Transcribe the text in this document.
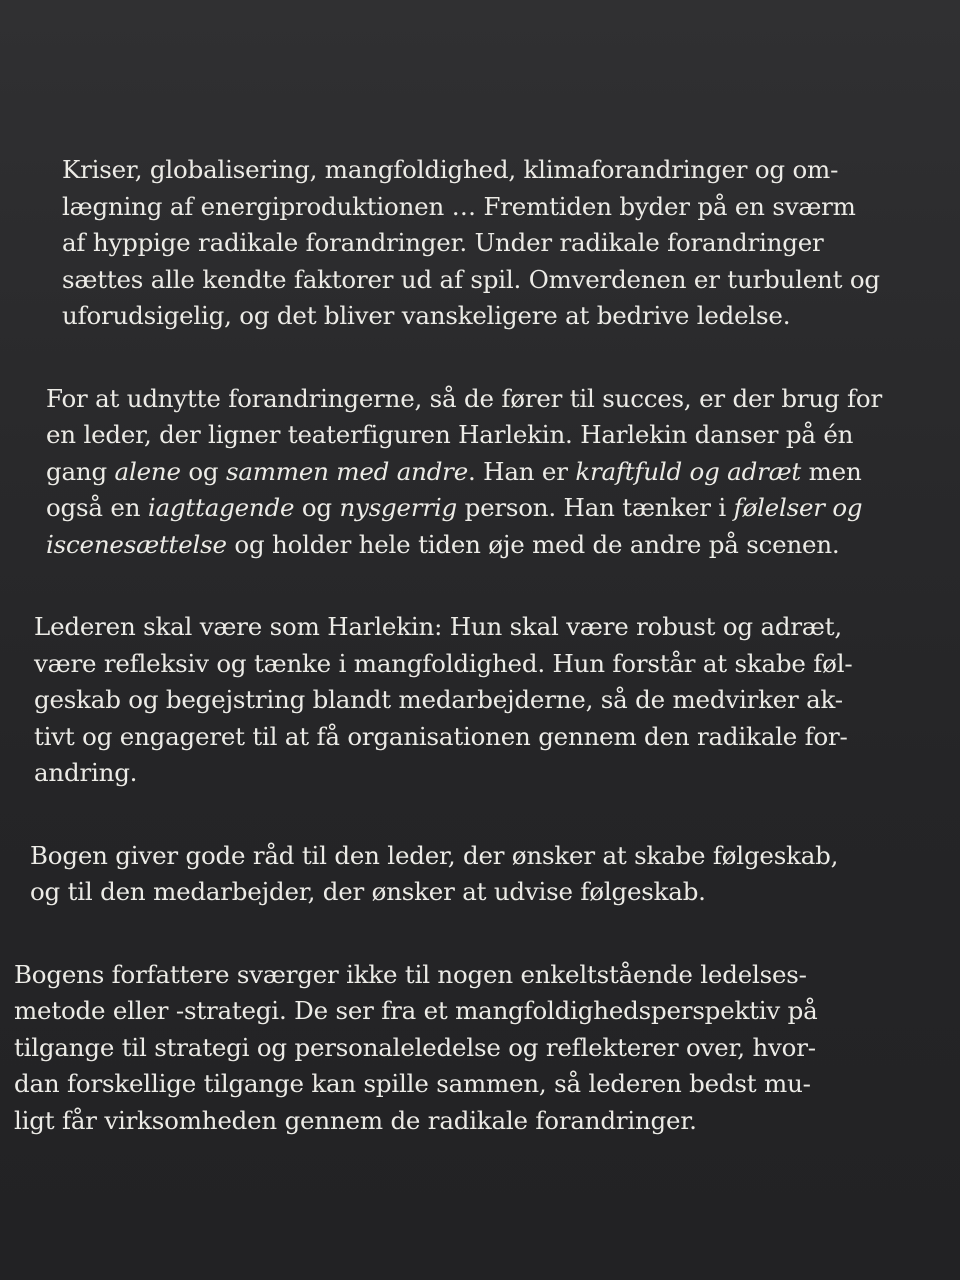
Kriser, globalisering, mangfoldighed, klimaforandringer og om-
lægning af energiproduktionen … Fremtiden byder på en sværm
af hyppige radikale forandringer. Under radikale forandringer
sættes alle kendte faktorer ud af spil. Omverdenen er turbulent og
uforudsigelig, og det bliver vanskeligere at bedrive ledelse.

For at udnytte forandringerne, så de fører til succes, er der brug for
en leder, der ligner teaterfiguren Harlekin. Harlekin danser på én
gang alene og sammen med andre. Han er kraftfuld og adræt men
også en iagttagende og nysgerrig person. Han tænker i følelser og
iscenesættelse og holder hele tiden øje med de andre på scenen.

Lederen skal være som Harlekin: Hun skal være robust og adræt,
være refleksiv og tænke i mangfoldighed. Hun forstår at skabe føl-
geskab og begejstring blandt medarbejderne, så de medvirker ak-
tivt og engageret til at få organisationen gennem den radikale for-
andring.

Bogen giver gode råd til den leder, der ønsker at skabe følgeskab,
og til den medarbejder, der ønsker at udvise følgeskab.

Bogens forfattere sværger ikke til nogen enkeltstående ledelses-
metode eller -strategi. De ser fra et mangfoldighedsperspektiv på
tilgange til strategi og personaleledelse og reflekterer over, hvor-
dan forskellige tilgange kan spille sammen, så lederen bedst mu-
ligt får virksomheden gennem de radikale forandringer.
